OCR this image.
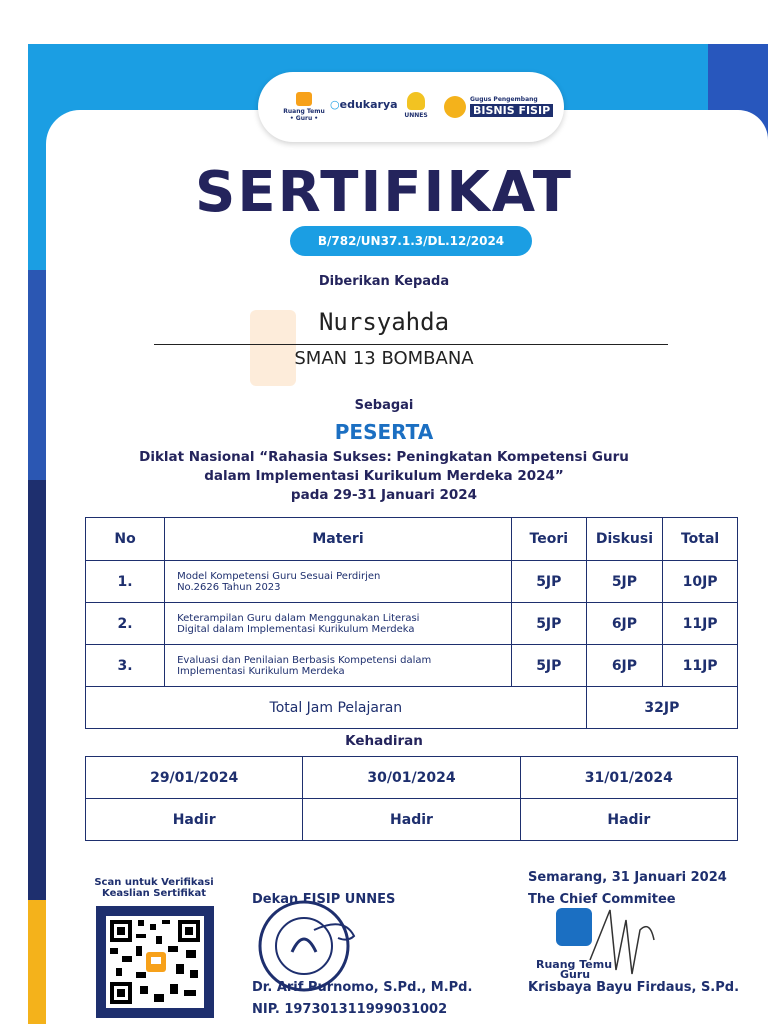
Ruang Temu • Guru •
○edukarya
UNNES
Gugus Pengembang
BISNIS FISIP
SERTIFIKAT
B/782/UN37.1.3/DL.12/2024
Diberikan Kepada
Nursyahda
SMAN 13 BOMBANA
Sebagai
PESERTA
Diklat Nasional “Rahasia Sukses: Peningkatan Kompetensi Guru
dalam Implementasi Kurikulum Merdeka 2024”
pada 29-31 Januari 2024
No	Materi	Teori	Diskusi	Total
1.	Model Kompetensi Guru Sesuai Perdirjen
No.2626 Tahun 2023	5JP	5JP	10JP
2.	Keterampilan Guru dalam Menggunakan Literasi
Digital dalam Implementasi Kurikulum Merdeka	5JP	6JP	11JP
3.	Evaluasi dan Penilaian Berbasis Kompetensi dalam
Implementasi Kurikulum Merdeka	5JP	6JP	11JP
Total Jam Pelajaran			32JP	
Kehadiran
29/01/2024	30/01/2024	31/01/2024
Hadir	Hadir	Hadir
Scan untuk Verifikasi
Keaslian Sertifikat	Dekan FISIP UNNES
Dr. Arif Purnomo, S.Pd., M.Pd.
NIP. 197301311999031002
Semarang, 31 Januari 2024
The Chief Commitee
Ruang Temu
Guru
Krisbaya Bayu Firdaus, S.Pd.
